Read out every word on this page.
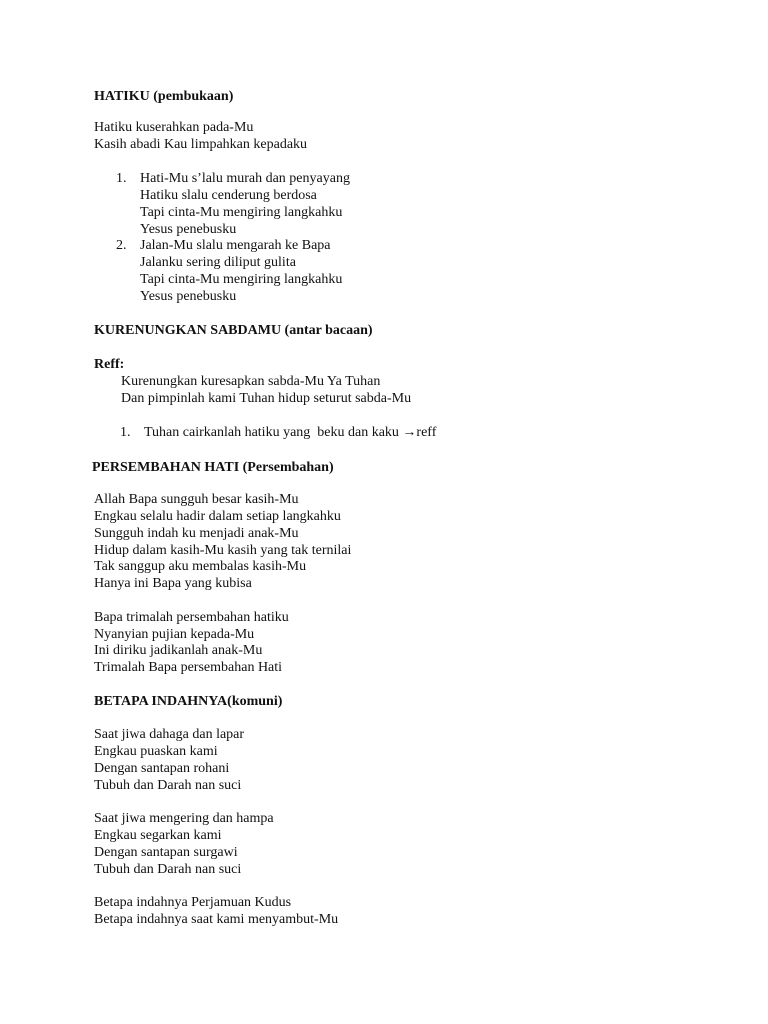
HATIKU (pembukaan)
Hatiku kuserahkan pada-Mu
Kasih abadi Kau limpahkan kepadaku
1. Hati-Mu s’lalu murah dan penyayang
Hatiku slalu cenderung berdosa
Tapi cinta-Mu mengiring langkahku
Yesus penebusku
2. Jalan-Mu slalu mengarah ke Bapa
Jalanku sering diliput gulita
Tapi cinta-Mu mengiring langkahku
Yesus penebusku
KURENUNGKAN SABDAMU (antar bacaan)
Reff:
Kurenungkan kuresapkan sabda-Mu Ya Tuhan
Dan pimpinlah kami Tuhan hidup seturut sabda-Mu
1. Tuhan cairkanlah hatiku yang  beku dan kaku →reff
PERSEMBAHAN HATI (Persembahan)
Allah Bapa sungguh besar kasih-Mu
Engkau selalu hadir dalam setiap langkahku
Sungguh indah ku menjadi anak-Mu
Hidup dalam kasih-Mu kasih yang tak ternilai
Tak sanggup aku membalas kasih-Mu
Hanya ini Bapa yang kubisa
Bapa trimalah persembahan hatiku
Nyanyian pujian kepada-Mu
Ini diriku jadikanlah anak-Mu
Trimalah Bapa persembahan Hati
BETAPA INDAHNYA(komuni)
Saat jiwa dahaga dan lapar
Engkau puaskan kami
Dengan santapan rohani
Tubuh dan Darah nan suci
Saat jiwa mengering dan hampa
Engkau segarkan kami
Dengan santapan surgawi
Tubuh dan Darah nan suci
Betapa indahnya Perjamuan Kudus
Betapa indahnya saat kami menyambut-Mu
